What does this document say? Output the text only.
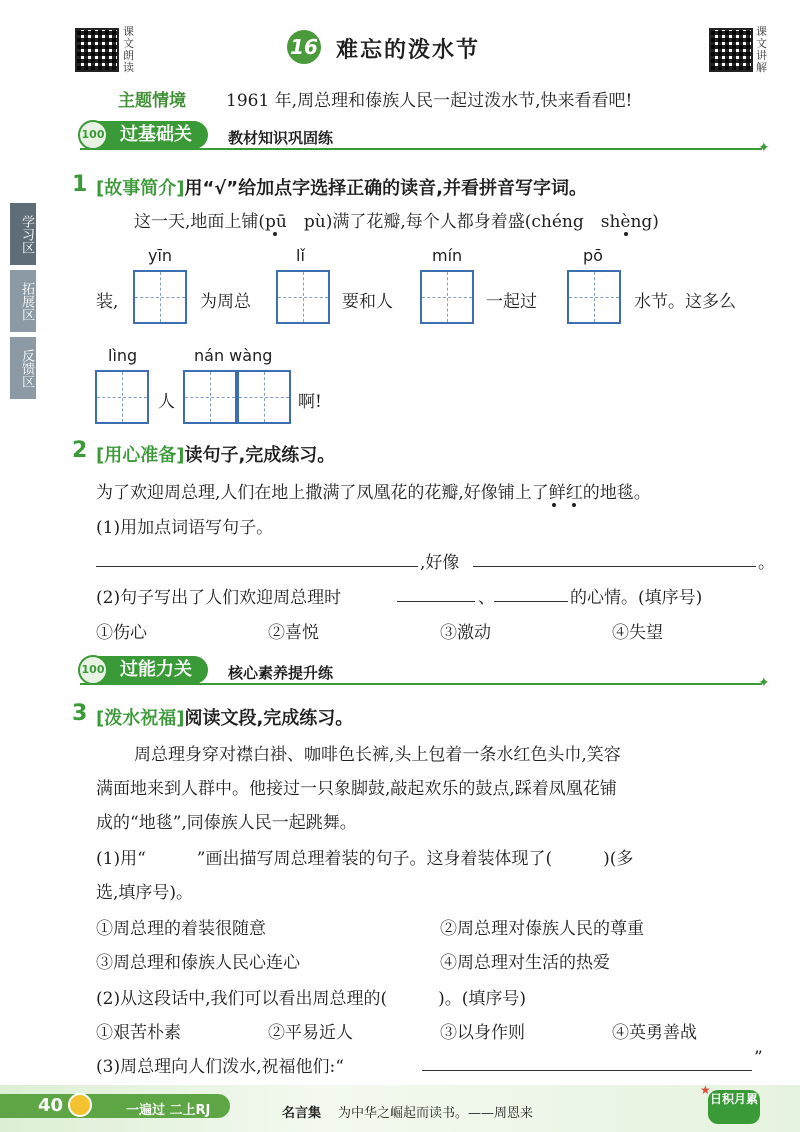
课文朗读
16 难忘的泼水节
课文讲解
主题情境 1961 年,周总理和傣族人民一起过泼水节,快来看看吧!
学习区
拓展区
反馈区
过基础关
100	教材知识巩固练
✦
1 [故事简介]用“√”给加点字选择正确的读音,并看拼音写字词。
这一天,地面上铺(pū　pù)满了花瓣,每个人都身着盛(chéng　shèng)
yīn	lǐ	mín	pō
装,	为周总	要和人	一起过	水节。这多么
lìng	nán wàng
人	啊!
2 [用心准备]读句子,完成练习。
为了欢迎周总理,人们在地上撒满了凤凰花的花瓣,好像铺上了鲜红的地毯。
(1)用加点词语写句子。
,好像	。
(2)句子写出了人们欢迎周总理时	、	的心情。(填序号)
①伤心	②喜悦	③激动	④失望
过能力关
100	核心素养提升练
✦
3 [泼水祝福]阅读文段,完成练习。
周总理身穿对襟白褂、咖啡色长裤,头上包着一条水红色头巾,笑容
满面地来到人群中。他接过一只象脚鼓,敲起欢乐的鼓点,踩着凤凰花铺
成的“地毯”,同傣族人民一起跳舞。
(1)用“　　　”画出描写周总理着装的句子。这身着装体现了(　　　)(多
选,填序号)。
①周总理的着装很随意	②周总理对傣族人民的尊重
③周总理和傣族人民心连心	④周总理对生活的热爱
(2)从这段话中,我们可以看出周总理的(　　　)。(填序号)
①艰苦朴素	②平易近人	③以身作则	④英勇善战
(3)周总理向人们泼水,祝福他们:“	”
40	一遍过 二上RJ	名言集 为中华之崛起而读书。——周恩来
日积月累
★
